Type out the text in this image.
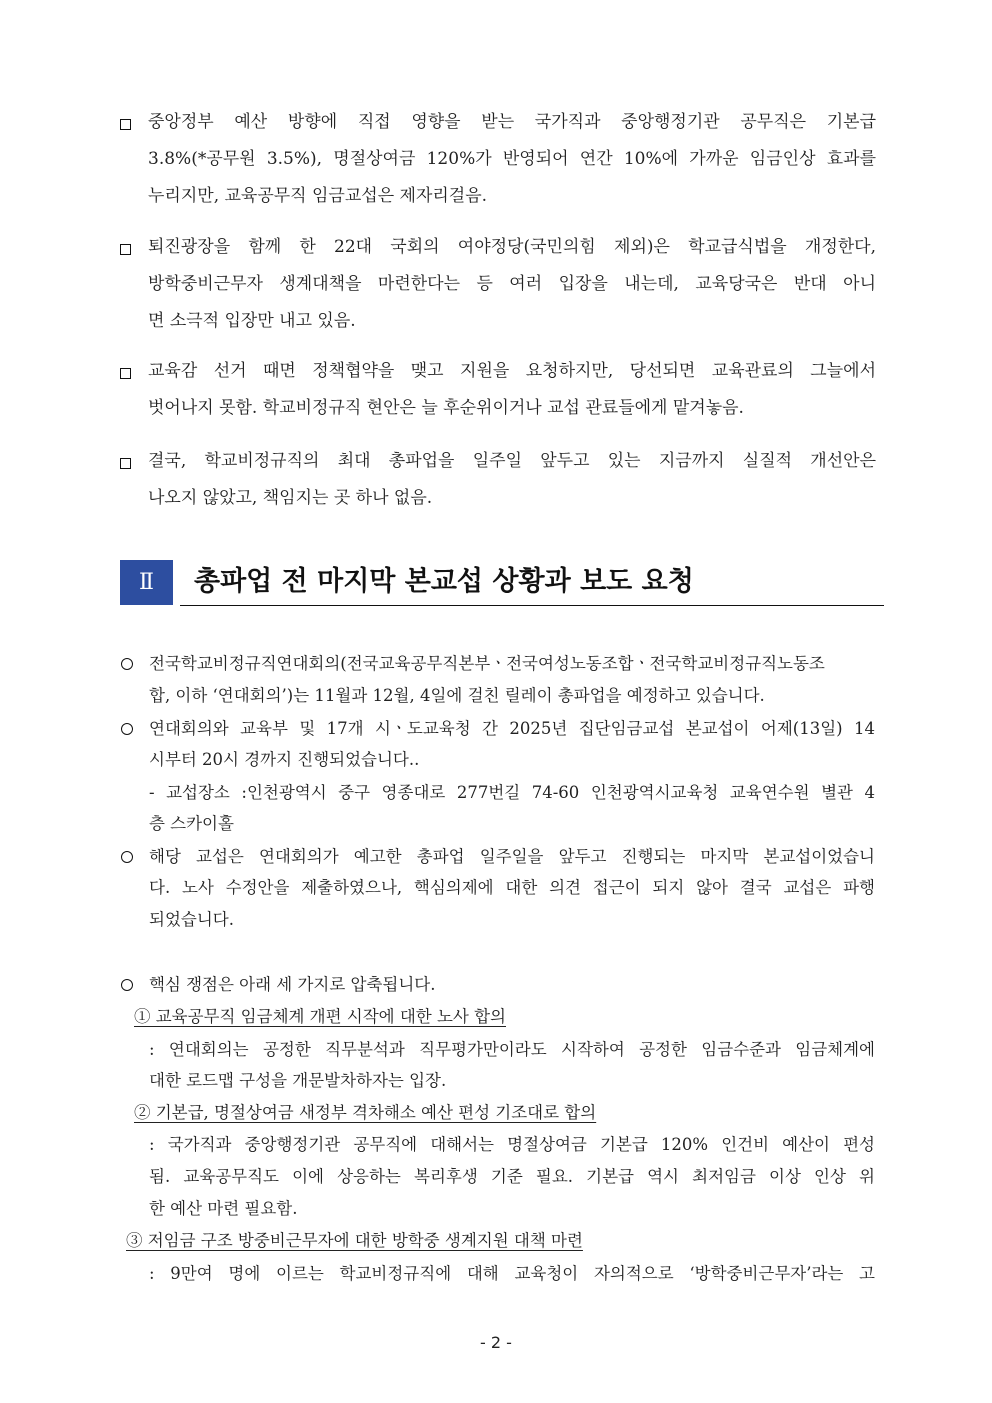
중앙정부 예산 방향에 직접 영향을 받는 국가직과 중앙행정기관 공무직은 기본급
3.8%(*공무원 3.5%), 명절상여금 120%가 반영되어 연간 10%에 가까운 임금인상 효과를
누리지만, 교육공무직 임금교섭은 제자리걸음.
퇴진광장을 함께 한 22대 국회의 여야정당(국민의힘 제외)은 학교급식법을 개정한다,
방학중비근무자 생계대책을 마련한다는 등 여러 입장을 내는데, 교육당국은 반대 아니
면 소극적 입장만 내고 있음.
교육감 선거 때면 정책협약을 맺고 지원을 요청하지만, 당선되면 교육관료의 그늘에서
벗어나지 못함. 학교비정규직 현안은 늘 후순위이거나 교섭 관료들에게 맡겨놓음.
결국, 학교비정규직의 최대 총파업을 일주일 앞두고 있는 지금까지 실질적 개선안은
나오지 않았고, 책임지는 곳 하나 없음.
Ⅱ	총파업 전 마지막 본교섭 상황과 보도 요청
전국학교비정규직연대회의(전국교육공무직본부ㆍ전국여성노동조합ㆍ전국학교비정규직노동조
합, 이하 ‘연대회의’)는 11월과 12월, 4일에 걸친 릴레이 총파업을 예정하고 있습니다.
연대회의와 교육부 및 17개 시ㆍ도교육청 간 2025년 집단임금교섭 본교섭이 어제(13일) 14
시부터 20시 경까지 진행되었습니다..
- 교섭장소 :인천광역시 중구 영종대로 277번길 74-60 인천광역시교육청 교육연수원 별관 4
층 스카이홀
해당 교섭은 연대회의가 예고한 총파업 일주일을 앞두고 진행되는 마지막 본교섭이었습니
다. 노사 수정안을 제출하였으나, 핵심의제에 대한 의견 접근이 되지 않아 결국 교섭은 파행
되었습니다.
핵심 쟁점은 아래 세 가지로 압축됩니다.
① 교육공무직 임금체계 개편 시작에 대한 노사 합의
: 연대회의는 공정한 직무분석과 직무평가만이라도 시작하여 공정한 임금수준과 임금체계에
대한 로드맵 구성을 개문발차하자는 입장.
② 기본급, 명절상여금 새정부 격차해소 예산 편성 기조대로 합의
: 국가직과 중앙행정기관 공무직에 대해서는 명절상여금 기본급 120% 인건비 예산이 편성
됨. 교육공무직도 이에 상응하는 복리후생 기준 필요. 기본급 역시 최저임금 이상 인상 위
한 예산 마련 필요함.
③ 저임금 구조 방중비근무자에 대한 방학중 생계지원 대책 마련
: 9만여 명에 이르는 학교비정규직에 대해 교육청이 자의적으로 ‘방학중비근무자’라는 고
- 2 -
